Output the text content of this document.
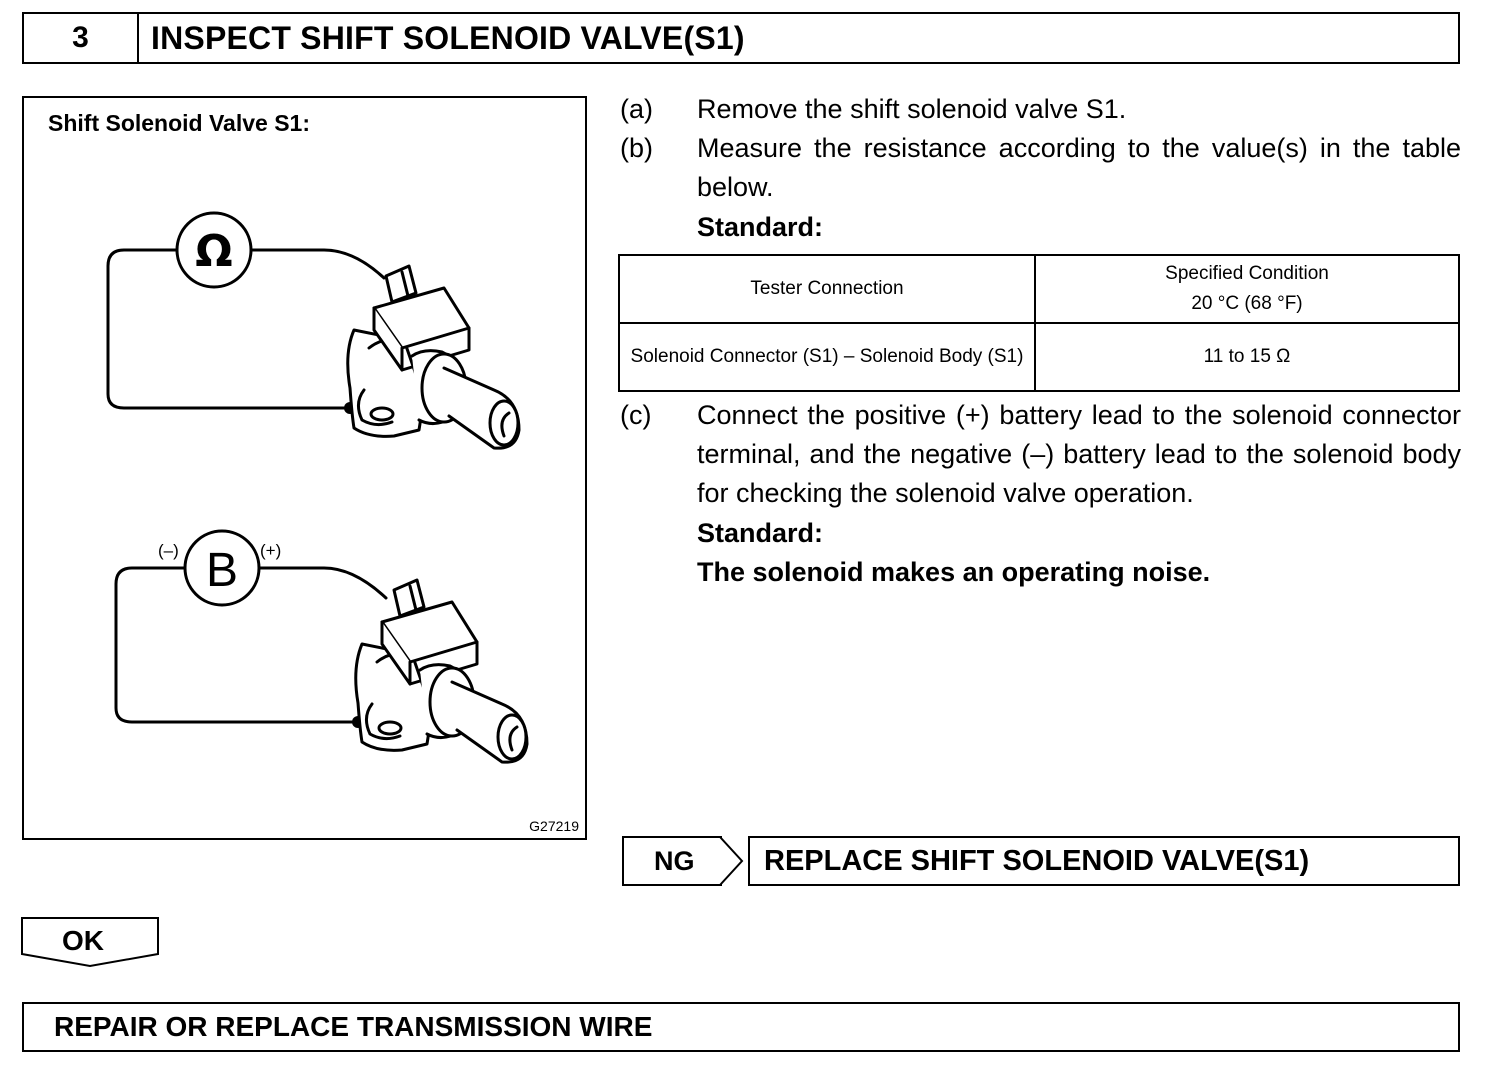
3	INSPECT SHIFT SOLENOID VALVE(S1)
Shift Solenoid Valve S1:
Ω
B
(–)	(+)
G27219
(a)	Remove the shift solenoid valve S1.
(b)	Measure the resistance according to the value(s) in the table below.
Standard:
Tester Connection	Specified Condition
20 °C (68 °F)

Solenoid Connector (S1) – Solenoid Body (S1)	11 to 15 Ω
(c)	Connect the positive (+) battery lead to the solenoid connector terminal, and the negative (–) battery lead to the solenoid body for checking the solenoid valve operation.
Standard:
The solenoid makes an operating noise.
NG REPLACE SHIFT SOLENOID VALVE(S1)
OK
REPAIR OR REPLACE TRANSMISSION WIRE
